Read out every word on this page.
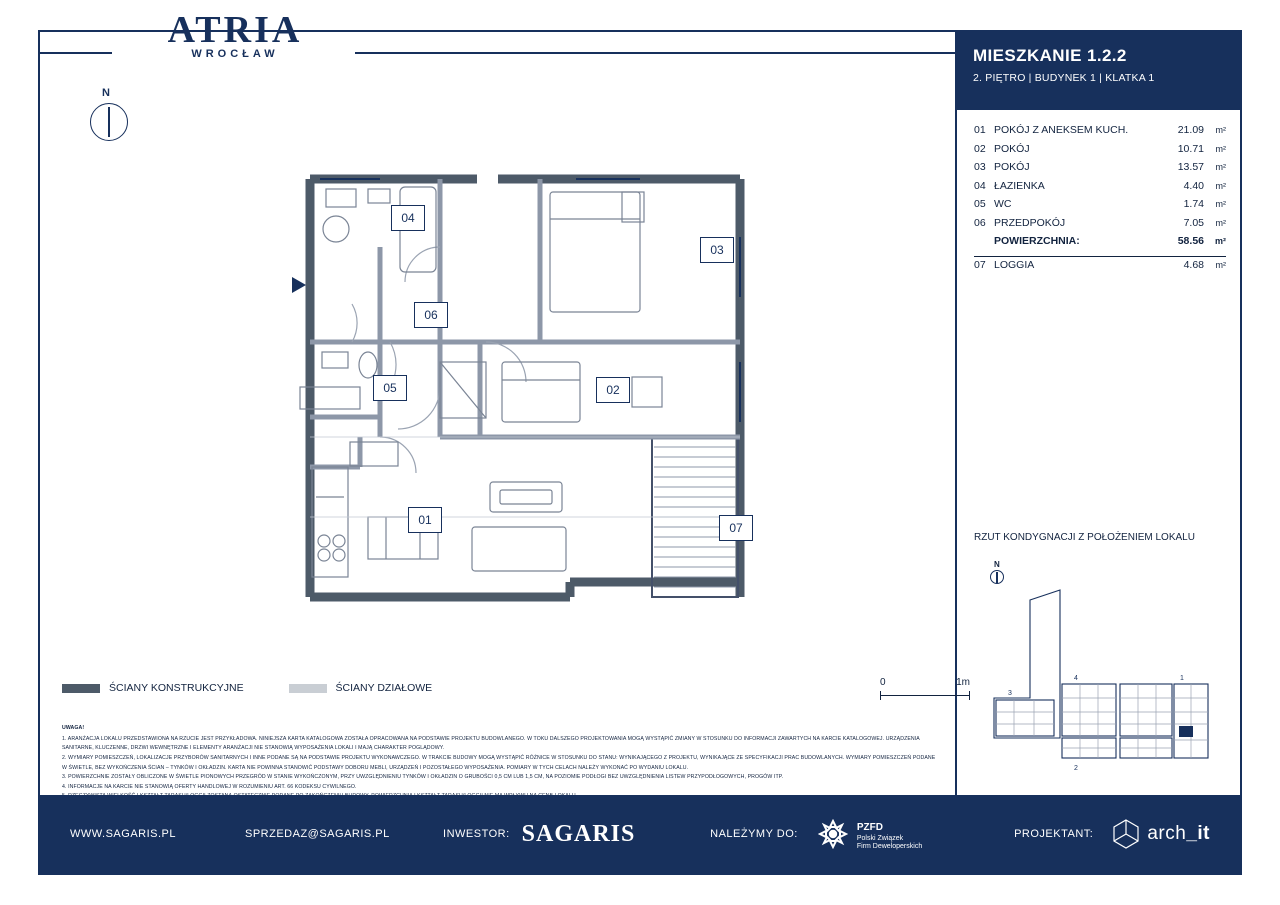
ATRIA
WROCŁAW	MIESZKANIE 1.2.2
2. PIĘTRO | BUDYNEK 1 | KLATKA 1
N
01 POKÓJ Z ANEKSEM KUCH.	21.09	m²
02 POKÓJ	10.71	m²
03 POKÓJ	13.57	m²
04 ŁAZIENKA	4.40	m²
05 WC	1.74	m²
06 PRZEDPOKÓJ	7.05	m²
POWIERZCHNIA:	58.56	m²
07 LOGGIA	4.68	m²
04
06
05
01
02
03
07
ŚCIANY KONSTRUKCYJNE
	ŚCIANY DZIAŁOWE	0	1m
UWAGA!
1. ARANŻACJA LOKALU PRZEDSTAWIONA NA RZUCIE JEST PRZYKŁADOWA. NINIEJSZA KARTA KATALOGOWA ZOSTAŁA OPRACOWANA NA PODSTAWIE PROJEKTU BUDOWLANEGO. W TOKU DALSZEGO PROJEKTOWANIA MOGĄ WYSTĄPIĆ ZMIANY W STOSUNKU DO INFORMACJI ZAWARTYCH NA KARCIE KATALOGOWEJ. URZĄDZENIA
SANITARNE, KLUCZENNE, DRZWI WEWNĘTRZNE I ELEMENTY ARANŻACJI NIE STANOWIĄ WYPOSAŻENIA LOKALI I MAJĄ CHARAKTER POGLĄDOWY.
2. WYMIARY POMIESZCZEŃ, LOKALIZACJE PRZYBORÓW SANITARNYCH I INNE PODANE SĄ NA PODSTAWIE PROJEKTU WYKONAWCZEGO. W TRAKCIE BUDOWY MOGĄ WYSTĄPIĆ RÓŻNICE W STOSUNKU DO STANU: WYNIKAJĄCEGO Z PROJEKTU, WYNIKAJĄCE ZE SPECYFIKACJI PRAC BUDOWLANYCH. WYMIARY POMIESZCZEŃ PODANE
W ŚWIETLE, BEZ WYKOŃCZENIA ŚCIAN – TYNKÓW I OKŁADZIN. KARTA NIE POWINNA STANOWIĆ PODSTAWY DOBORU MEBLI, URZĄDZEŃ I POZOSTAŁEGO WYPOSAŻENIA. POMIARY W TYCH CELACH NALEŻY WYKONAĆ PO WYDANIU LOKALU.
3. POWIERZCHNIE ZOSTAŁY OBLICZONE W ŚWIETLE PIONOWYCH PRZEGRÓD W STANIE WYKOŃCZONYM, PRZY UWZGLĘDNIENIU TYNKÓW I OKŁADZIN O GRUBOŚCI 0,5 CM LUB 1,5 CM, NA POZIOMIE PODŁOGI BEZ UWZGLĘDNIENIA LISTEW PRZYPODŁOGOWYCH, PROGÓW ITP.
4. INFORMACJE NA KARCIE NIE STANOWIĄ OFERTY HANDLOWEJ W ROZUMIENIU ART. 66 KODEKSU CYWILNEGO.
RZUT KONDYGNACJI Z POŁOŻENIEM LOKALU
N
3
4	1
2
WWW.SAGARIS.PL	SPRZEDAZ@SAGARIS.PL	INWESTOR: SAGARIS	NALEŻYMY DO:
PZFD
Polski Związek
Firm Deweloperskich
PROJEKTANT:	arch_it
